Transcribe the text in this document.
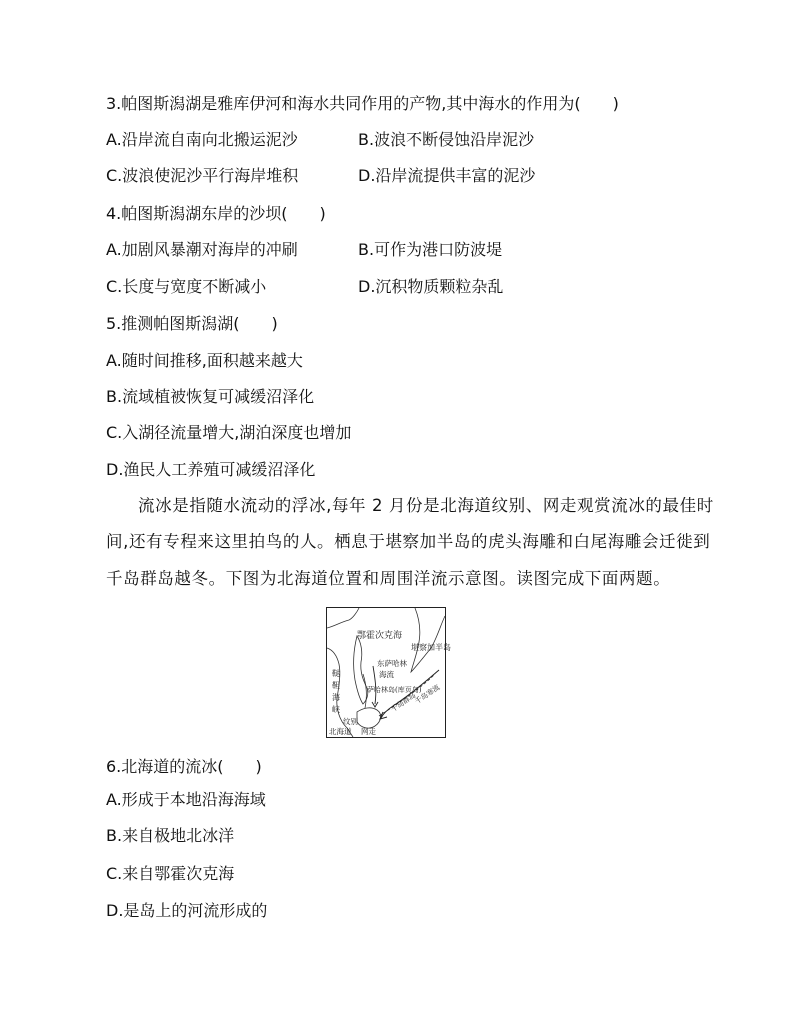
3.帕图斯潟湖是雅库伊河和海水共同作用的产物,其中海水的作用为(　　)
A.沿岸流自南向北搬运泥沙	B.波浪不断侵蚀沿岸泥沙
C.波浪使泥沙平行海岸堆积	D.沿岸流提供丰富的泥沙
4.帕图斯潟湖东岸的沙坝(　　)
A.加剧风暴潮对海岸的冲刷	B.可作为港口防波堤
C.长度与宽度不断减小	D.沉积物质颗粒杂乱
5.推测帕图斯潟湖(　　)
A.随时间推移,面积越来越大
B.流域植被恢复可减缓沼泽化
C.入湖径流量增大,湖泊深度也增加
D.渔民人工养殖可减缓沼泽化
流冰是指随水流动的浮冰,每年 2 月份是北海道纹别、网走观赏流冰的最佳时
间,还有专程来这里拍鸟的人。栖息于堪察加半岛的虎头海雕和白尾海雕会迁徙到
千岛群岛越冬。下图为北海道位置和周围洋流示意图。读图完成下面两题。
鄂霍次克海
堪察加半岛
东萨哈林
海流
萨哈林岛(库页岛)
鞑
靼
海
峡	千岛群岛
千岛寒流
纹别
北海道 网走
6.北海道的流冰(　　)
A.形成于本地沿海海域
B.来自极地北冰洋
C.来自鄂霍次克海
D.是岛上的河流形成的
